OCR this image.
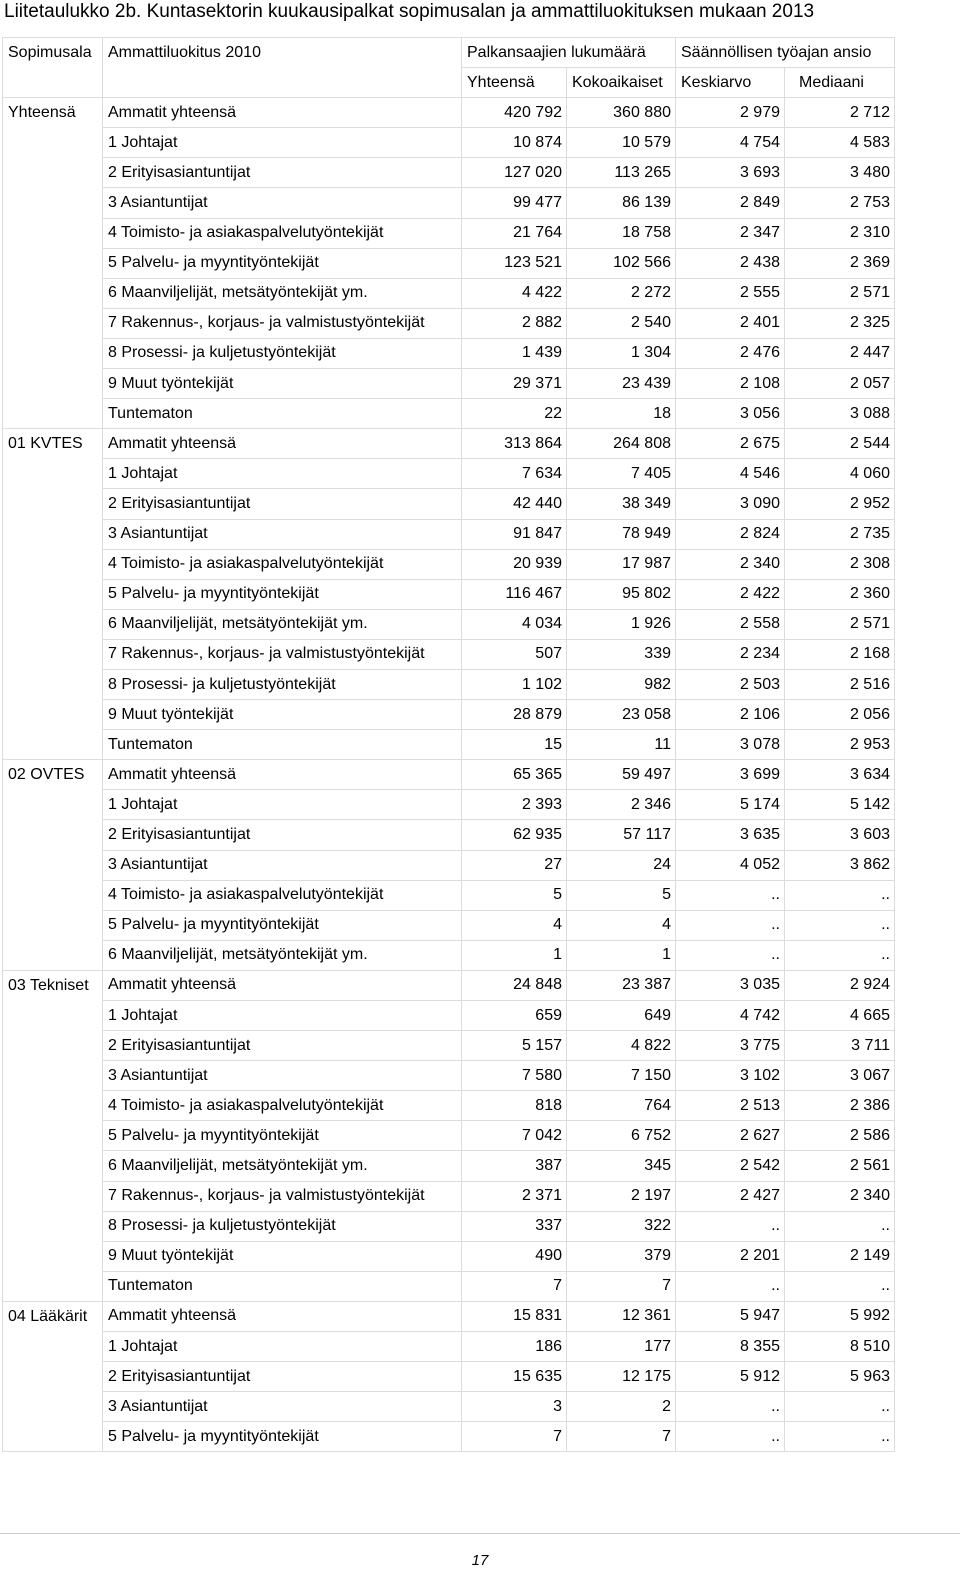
Liitetaulukko 2b. Kuntasektorin kuukausipalkat sopimusalan ja ammattiluokituksen mukaan 2013
Sopimusala	Ammattiluokitus 2010	Palkansaajien lukumäärä		Säännöllisen työajan ansio	
		Yhteensä	Kokoaikaiset	Keskiarvo	Mediaani
Yhteensä	Ammatit yhteensä	420 792	360 880	2 979	2 712
	1 Johtajat	10 874	10 579	4 754	4 583
	2 Erityisasiantuntijat	127 020	113 265	3 693	3 480
	3 Asiantuntijat	99 477	86 139	2 849	2 753
	4 Toimisto- ja asiakaspalvelutyöntekijät	21 764	18 758	2 347	2 310
	5 Palvelu- ja myyntityöntekijät	123 521	102 566	2 438	2 369
	6 Maanviljelijät, metsätyöntekijät ym.	4 422	2 272	2 555	2 571
	7 Rakennus-, korjaus- ja valmistustyöntekijät	2 882	2 540	2 401	2 325
	8 Prosessi- ja kuljetustyöntekijät	1 439	1 304	2 476	2 447
	9 Muut työntekijät	29 371	23 439	2 108	2 057
	Tuntematon	22	18	3 056	3 088
01 KVTES	Ammatit yhteensä	313 864	264 808	2 675	2 544
	1 Johtajat	7 634	7 405	4 546	4 060
	2 Erityisasiantuntijat	42 440	38 349	3 090	2 952
	3 Asiantuntijat	91 847	78 949	2 824	2 735
	4 Toimisto- ja asiakaspalvelutyöntekijät	20 939	17 987	2 340	2 308
	5 Palvelu- ja myyntityöntekijät	116 467	95 802	2 422	2 360
	6 Maanviljelijät, metsätyöntekijät ym.	4 034	1 926	2 558	2 571
	7 Rakennus-, korjaus- ja valmistustyöntekijät	507	339	2 234	2 168
	8 Prosessi- ja kuljetustyöntekijät	1 102	982	2 503	2 516
	9 Muut työntekijät	28 879	23 058	2 106	2 056
	Tuntematon	15	11	3 078	2 953
02 OVTES	Ammatit yhteensä	65 365	59 497	3 699	3 634
	1 Johtajat	2 393	2 346	5 174	5 142
	2 Erityisasiantuntijat	62 935	57 117	3 635	3 603
	3 Asiantuntijat	27	24	4 052	3 862
	4 Toimisto- ja asiakaspalvelutyöntekijät	5	5	..	..
	5 Palvelu- ja myyntityöntekijät	4	4	..	..
	6 Maanviljelijät, metsätyöntekijät ym.	1	1	..	..
03 Tekniset	Ammatit yhteensä	24 848	23 387	3 035	2 924
	1 Johtajat	659	649	4 742	4 665
	2 Erityisasiantuntijat	5 157	4 822	3 775	3 711
	3 Asiantuntijat	7 580	7 150	3 102	3 067
	4 Toimisto- ja asiakaspalvelutyöntekijät	818	764	2 513	2 386
	5 Palvelu- ja myyntityöntekijät	7 042	6 752	2 627	2 586
	6 Maanviljelijät, metsätyöntekijät ym.	387	345	2 542	2 561
	7 Rakennus-, korjaus- ja valmistustyöntekijät	2 371	2 197	2 427	2 340
	8 Prosessi- ja kuljetustyöntekijät	337	322	..	..
	9 Muut työntekijät	490	379	2 201	2 149
	Tuntematon	7	7	..	..
04 Lääkärit	Ammatit yhteensä	15 831	12 361	5 947	5 992
	1 Johtajat	186	177	8 355	8 510
	2 Erityisasiantuntijat	15 635	12 175	5 912	5 963
	3 Asiantuntijat	3	2	..	..
	5 Palvelu- ja myyntityöntekijät	7	7	..	..
17
